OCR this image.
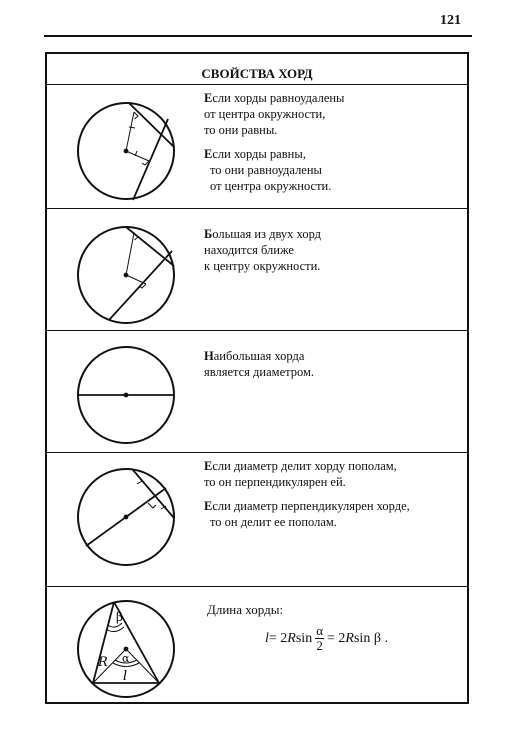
121
СВОЙСТВА ХОРД

Если хорды равноудалены
от центра окружности,
то они равны.

Если хорды равны,
то они равноудалены
от центра окружности.

Большая из двух хорд
находится ближе
к центру окружности.

Наибольшая хорда
является диаметром.

Если диаметр делит хорду пополам,
то он перпендикулярен ей.

Если диаметр перпендикулярен хорде,
то он делит ее пополам.

β
α
R
l
Длина хорды:
l = 2 R $\sin \frac{\alpha}{2} = 2$ R sin β .
